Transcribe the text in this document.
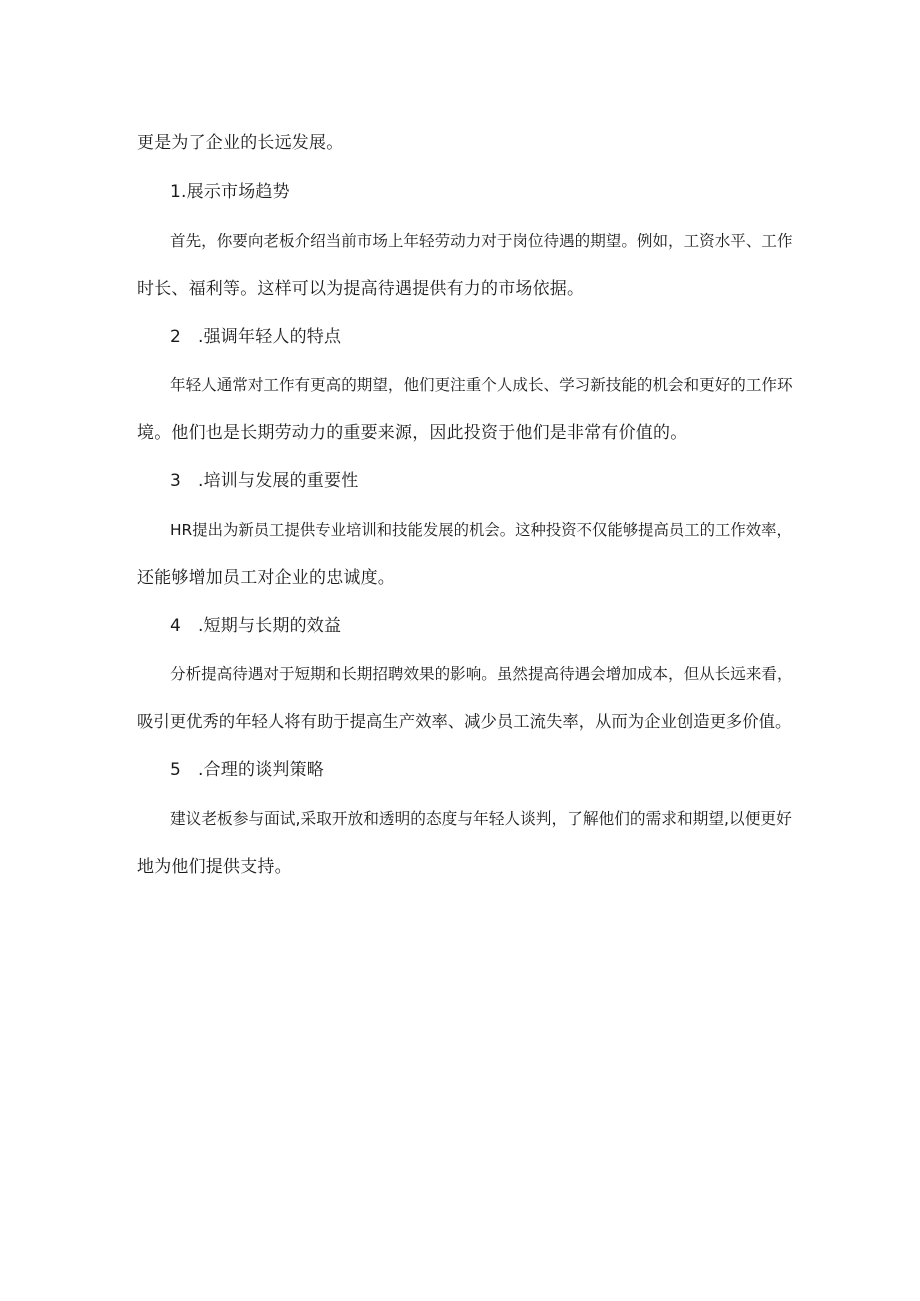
更是为了企业的长远发展。
1 .展示市场趋势
首先，你要向老板介绍当前市场上年轻劳动力对于岗位待遇的期望。例如，工资水平、工作
时长、福利等。这样可以为提高待遇提供有力的市场依据。
2 .强调年轻人的特点
年轻人通常对工作有更高的期望，他们更注重个人成长、学习新技能的机会和更好的工作环
境。他们也是长期劳动力的重要来源，因此投资于他们是非常有价值的。
3 .培训与发展的重要性
HR提出为新员工提供专业培训和技能发展的机会。这种投资不仅能够提高员工的工作效率，
还能够增加员工对企业的忠诚度。
4 .短期与长期的效益
分析提高待遇对于短期和长期招聘效果的影响。虽然提高待遇会增加成本，但从长远来看，
吸引更优秀的年轻人将有助于提高生产效率、减少员工流失率，从而为企业创造更多价值。
5 .合理的谈判策略
建议老板参与面试,采取开放和透明的态度与年轻人谈判，了解他们的需求和期望,以便更好
地为他们提供支持。
